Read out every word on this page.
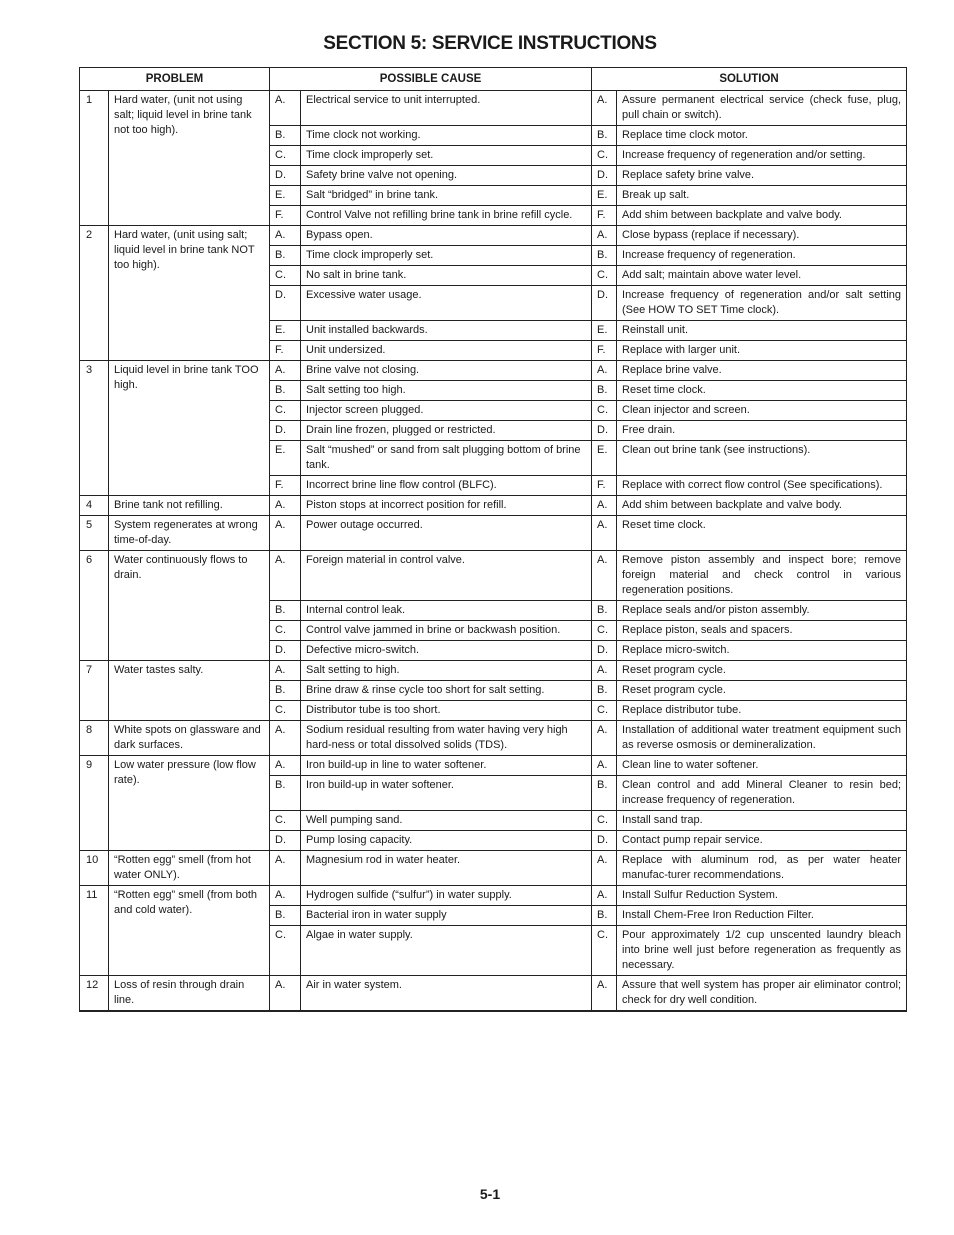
SECTION 5: SERVICE INSTRUCTIONS
PROBLEM		POSSIBLE CAUSE		SOLUTION	
1	Hard water, (unit not using salt; liquid level in brine tank not too high).	A.	Electrical service to unit interrupted.	A.	Assure permanent electrical service (check fuse, plug, pull chain or switch).
		B.	Time clock not working.	B.	Replace time clock motor.
		C.	Time clock improperly set.	C.	Increase frequency of regeneration and/or setting.
		D.	Safety brine valve not opening.	D.	Replace safety brine valve.
		E.	Salt “bridged” in brine tank.	E.	Break up salt.
		F.	Control Valve not refilling brine tank in brine refill cycle.	F.	Add shim between backplate and valve body.
2	Hard water, (unit using salt; liquid level in brine tank NOT too high).	A.	Bypass open.	A.	Close bypass (replace if necessary).
		B.	Time clock improperly set.	B.	Increase frequency of regeneration.
		C.	No salt in brine tank.	C.	Add salt; maintain above water level.
		D.	Excessive water usage.	D.	Increase frequency of regeneration and/or salt setting (See HOW TO SET Time clock).
		E.	Unit installed backwards.	E.	Reinstall unit.
		F.	Unit undersized.	F.	Replace with larger unit.
3	Liquid level in brine tank TOO high.	A.	Brine valve not closing.	A.	Replace brine valve.
		B.	Salt setting too high.	B.	Reset time clock.
		C.	Injector screen plugged.	C.	Clean injector and screen.
		D.	Drain line frozen, plugged or restricted.	D.	Free drain.
		E.	Salt “mushed” or sand from salt plugging bottom of brine tank.	E.	Clean out brine tank (see instructions).
		F.	Incorrect brine line flow control (BLFC).	F.	Replace with correct flow control (See specifications).
4	Brine tank not refilling.	A.	Piston stops at incorrect position for refill.	A.	Add shim between backplate and valve body.
5	System regenerates at wrong time-of-day.	A.	Power outage occurred.	A.	Reset time clock.
6	Water continuously flows to drain.	A.	Foreign material in control valve.	A.	Remove piston assembly and inspect bore; remove foreign material and check control in various regeneration positions.
		B.	Internal control leak.	B.	Replace seals and/or piston assembly.
		C.	Control valve jammed in brine or backwash position.	C.	Replace piston, seals and spacers.
		D.	Defective micro-switch.	D.	Replace micro-switch.
7	Water tastes salty.	A.	Salt setting to high.	A.	Reset program cycle.
		B.	Brine draw & rinse cycle too short for salt setting.	B.	Reset program cycle.
		C.	Distributor tube is too short.	C.	Replace distributor tube.
8	White spots on glassware and dark surfaces.	A.	Sodium residual resulting from water having very high hard-ness or total dissolved solids (TDS).	A.	Installation of additional water treatment equipment such as reverse osmosis or demineralization.
9	Low water pressure (low flow rate).	A.	Iron build-up in line to water softener.	A.	Clean line to water softener.
		B.	Iron build-up in water softener.	B.	Clean control and add Mineral Cleaner to resin bed; increase frequency of regeneration.
		C.	Well pumping sand.	C.	Install sand trap.
		D.	Pump losing capacity.	D.	Contact pump repair service.
10	“Rotten egg” smell (from hot water ONLY).	A.	Magnesium rod in water heater.	A.	Replace with aluminum rod, as per water heater manufac-turer recommendations.
11	“Rotten egg” smell (from both and cold water).	A.	Hydrogen sulfide (“sulfur”) in water supply.	A.	Install Sulfur Reduction System.
		B.	Bacterial iron in water supply	B.	Install Chem-Free Iron Reduction Filter.
		C.	Algae in water supply.	C.	Pour approximately 1/2 cup unscented laundry bleach into brine well just before regeneration as frequently as necessary.
12	Loss of resin through drain line.	A.	Air in water system.	A.	Assure that well system has proper air eliminator control; check for dry well condition.
5-1
